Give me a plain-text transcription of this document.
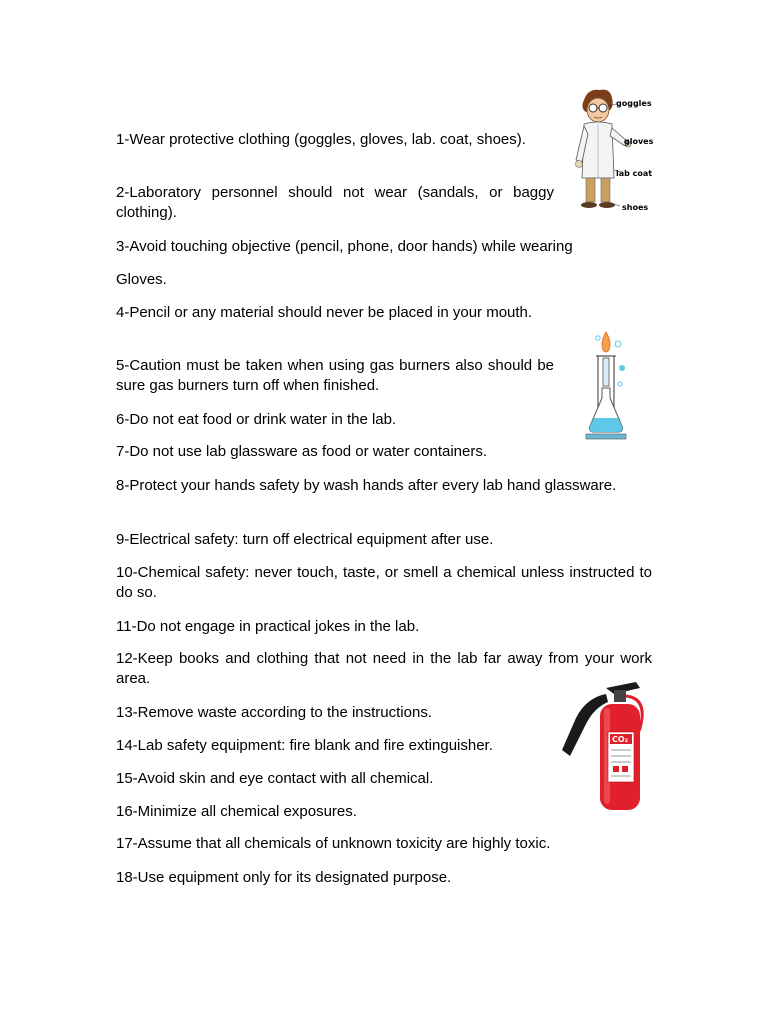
1-Wear protective clothing (goggles, gloves, lab. coat, shoes).

2-Laboratory personnel should not wear (sandals, or baggy clothing).

3-Avoid touching objective (pencil, phone, door hands) while wearing

Gloves.

4-Pencil or any material should never be placed in your mouth.

5-Caution must be taken when using gas burners also should be sure gas burners turn off when finished.

6-Do not eat food or drink water in the lab.

7-Do not use lab glassware as food or water containers.

8-Protect your hands safety by wash hands after every lab hand glassware.

9-Electrical safety: turn off electrical equipment after use.

10-Chemical safety: never touch, taste, or smell a chemical unless instructed to do so.

11-Do not engage in practical jokes in the lab.

12-Keep books and clothing that not need in the lab far away from your work area.

13-Remove waste according to the instructions.

14-Lab safety equipment: fire blank and fire extinguisher.

15-Avoid skin and eye contact with all chemical.

16-Minimize all chemical exposures.

17-Assume that all chemicals of unknown toxicity are highly toxic.

18-Use equipment only for its designated purpose.

goggles
gloves
lab coat
shoes
CO₂
